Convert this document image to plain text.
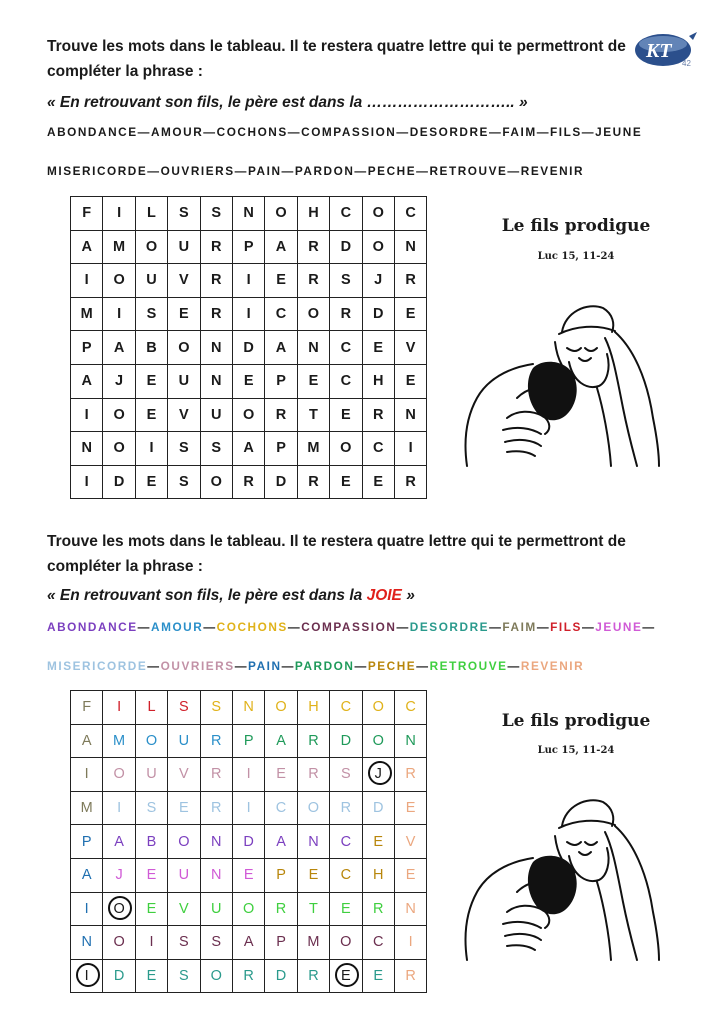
KT
42
Trouve les mots dans le tableau. Il te restera quatre lettre qui te permettront de
compléter la phrase :
« En retrouvant son fils, le père est dans la ……………………….. »
ABONDANCE—AMOUR—COCHONS—COMPASSION—DESORDRE—FAIM—FILS—JEUNE
MISERICORDE—OUVRIERS—PAIN—PARDON—PECHE—RETROUVE—REVENIR
F	I	L	S	S	N	O	H	C	O	C
A	M	O	U	R	P	A	R	D	O	N
I	O	U	V	R	I	E	R	S	J	R
M	I	S	E	R	I	C	O	R	D	E
P	A	B	O	N	D	A	N	C	E	V
A	J	E	U	N	E	P	E	C	H	E
I	O	E	V	U	O	R	T	E	R	N
N	O	I	S	S	A	P	M	O	C	I
I	D	E	S	O	R	D	R	E	E	R
Le fils prodigue
Luc 15, 11-24
Trouve les mots dans le tableau. Il te restera quatre lettre qui te permettront de
compléter la phrase :
« En retrouvant son fils, le père est dans la JOIE »
ABONDANCE—AMOUR—COCHONS—COMPASSION—DESORDRE—FAIM—FILS—JEUNE—
MISERICORDE—OUVRIERS—PAIN—PARDON—PECHE—RETROUVE—REVENIR
F	I	L	S	S	N	O	H	C	O	C
A	M	O	U	R	P	A	R	D	O	N
I	O	U	V	R	I	E	R	S	J	R
M	I	S	E	R	I	C	O	R	D	E
P	A	B	O	N	D	A	N	C	E	V
A	J	E	U	N	E	P	E	C	H	E
I	O	E	V	U	O	R	T	E	R	N
N	O	I	S	S	A	P	M	O	C	I
I	D	E	S	O	R	D	R	E	E	R
Le fils prodigue
Luc 15, 11-24
